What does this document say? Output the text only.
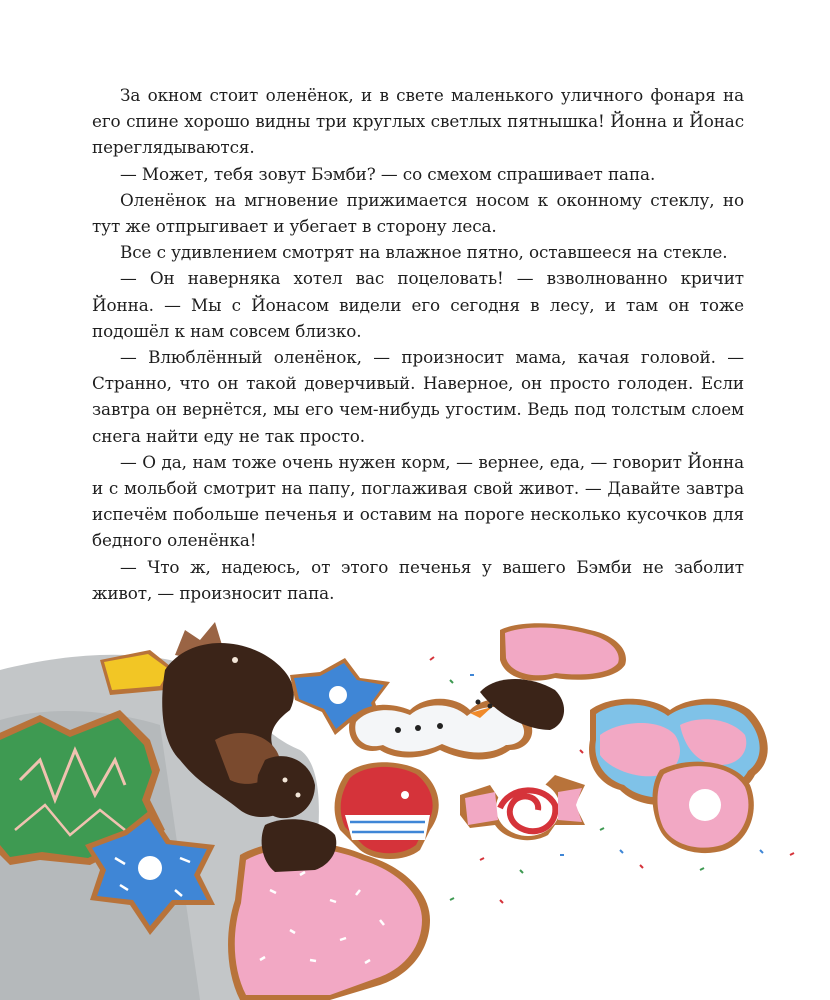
За окном стоит оленёнок, и в свете маленького уличного фонаря на его спине хорошо видны три круглых светлых пятнышка! Йонна и Йонас переглядываются.

— Может, тебя зовут Бэмби? — со смехом спрашивает папа.

Оленёнок на мгновение прижимается носом к оконному стеклу, но тут же отпрыгивает и убегает в сторону леса.

Все с удивлением смотрят на влажное пятно, оставшееся на стекле.

— Он наверняка хотел вас поцеловать! — взволнованно кричит Йонна. — Мы с Йонасом видели его сегодня в лесу, и там он тоже подошёл к нам совсем близко.

— Влюблённый оленёнок, — произносит мама, качая головой. — Странно, что он такой доверчивый. Наверное, он просто голоден. Если завтра он вернётся, мы его чем-нибудь угостим. Ведь под толстым слоем снега найти еду не так просто.

— О да, нам тоже очень нужен корм, — вернее, еда, — говорит Йонна и с мольбой смотрит на папу, поглаживая свой живот. — Давайте завтра испечём побольше печенья и оставим на пороге несколько кусочков для бедного оленёнка!

— Что ж, надеюсь, от этого печенья у вашего Бэмби не заболит живот, — произносит папа.
